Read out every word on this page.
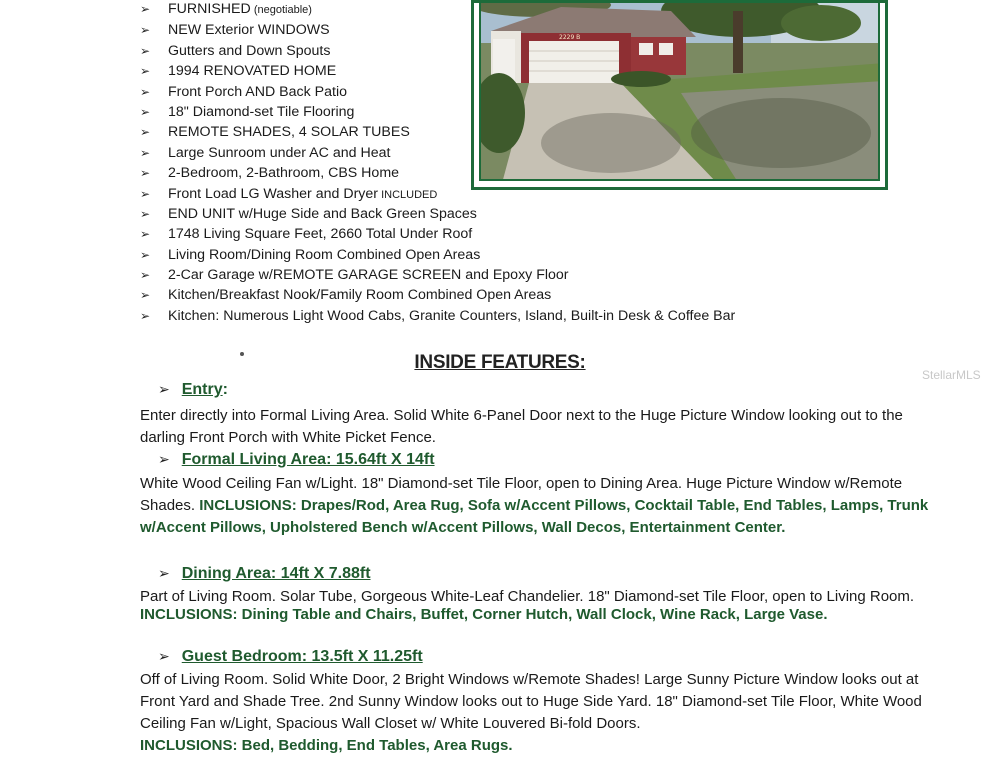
➢ FURNISHED (negotiable)
➢ NEW Exterior WINDOWS
➢ Gutters and Down Spouts
➢ 1994 RENOVATED HOME
➢ Front Porch AND Back Patio
➢ 18" Diamond-set Tile Flooring
➢ REMOTE SHADES, 4 SOLAR TUBES
➢ Large Sunroom under AC and Heat
➢ 2-Bedroom, 2-Bathroom, CBS Home
➢ Front Load LG Washer and Dryer INCLUDED
➢ END UNIT w/Huge Side and Back Green Spaces
➢ 1748 Living Square Feet, 2660 Total Under Roof
➢ Living Room/Dining Room Combined Open Areas
➢ 2-Car Garage w/REMOTE GARAGE SCREEN and Epoxy Floor
➢ Kitchen/Breakfast Nook/Family Room Combined Open Areas
➢ Kitchen: Numerous Light Wood Cabs, Granite Counters, Island, Built-in Desk & Coffee Bar
2229 B
INSIDE FEATURES:
StellarMLS
➢ Entry:
Enter directly into Formal Living Area. Solid White 6-Panel Door next to the Huge Picture Window looking out to the darling Front Porch with White Picket Fence.
➢ Formal Living Area: 15.64ft X 14ft
White Wood Ceiling Fan w/Light. 18" Diamond-set Tile Floor, open to Dining Area. Huge Picture Window w/Remote Shades. INCLUSIONS: Drapes/Rod, Area Rug, Sofa w/Accent Pillows, Cocktail Table, End Tables, Lamps, Trunk w/Accent Pillows, Upholstered Bench w/Accent Pillows, Wall Decos, Entertainment Center.
➢ Dining Area: 14ft X 7.88ft
Part of Living Room. Solar Tube, Gorgeous White-Leaf Chandelier. 18" Diamond-set Tile Floor, open to Living Room. INCLUSIONS: Dining Table and Chairs, Buffet, Corner Hutch, Wall Clock, Wine Rack, Large Vase.
➢ Guest Bedroom: 13.5ft X 11.25ft
Off of Living Room. Solid White Door, 2 Bright Windows w/Remote Shades! Large Sunny Picture Window looks out at Front Yard and Shade Tree. 2nd Sunny Window looks out to Huge Side Yard. 18" Diamond-set Tile Floor, White Wood Ceiling Fan w/Light, Spacious Wall Closet w/ White Louvered Bi-fold Doors.
INCLUSIONS: Bed, Bedding, End Tables, Area Rugs.
